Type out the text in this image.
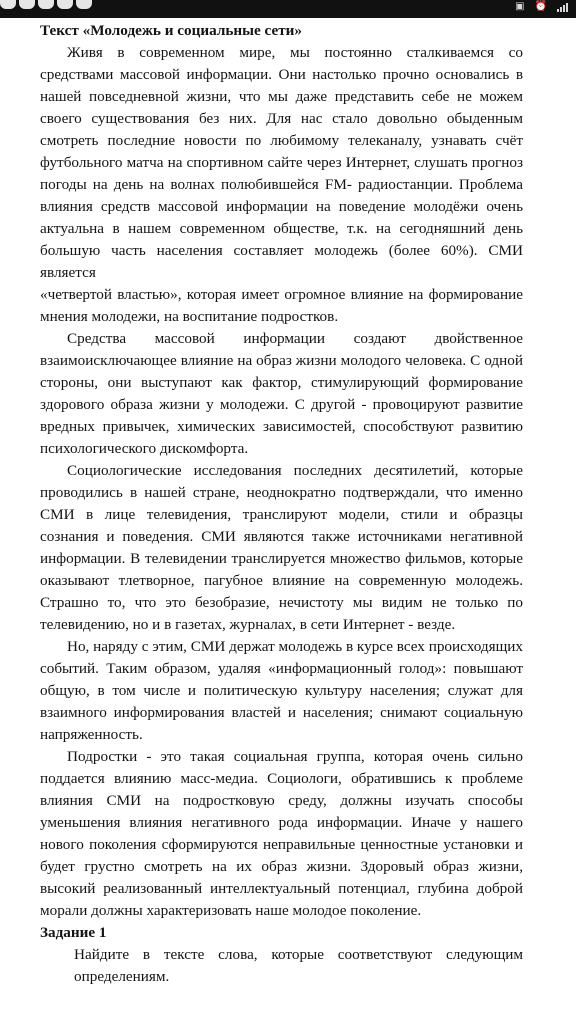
▣ ⏰

Текст «Молодежь и социальные сети»

Живя в современном мире, мы постоянно сталкиваемся со средствами массовой информации. Они настолько прочно основались в нашей повседневной жизни, что мы даже представить себе не можем своего существования без них. Для нас стало довольно обыденным смотреть последние новости по любимому телеканалу, узнавать счёт футбольного матча на спортивном сайте через Интернет, слушать прогноз погоды на день на волнах полюбившейся FM- радиостанции. Проблема влияния средств массовой информации на поведение молодёжи очень актуальна в нашем современном обществе, т.к. на сегодняшний день большую часть населения составляет молодежь (более 60%). СМИ является

«четвертой властью», которая имеет огромное влияние на формирование мнения молодежи, на воспитание подростков.

Средства массовой информации создают двойственное взаимоисключающее влияние на образ жизни молодого человека. С одной стороны, они выступают как фактор, стимулирующий формирование здорового образа жизни у молодежи. С другой - провоцируют развитие вредных привычек, химических зависимостей, способствуют развитию психологического дискомфорта.

Социологические исследования последних десятилетий, которые проводились в нашей стране, неоднократно подтверждали, что именно СМИ в лице телевидения, транслируют модели, стили и образцы сознания и поведения. СМИ являются также источниками негативной информации. В телевидении транслируется множество фильмов, которые оказывают тлетворное, пагубное влияние на современную молодежь. Страшно то, что это безобразие, нечистоту мы видим не только по телевидению, но и в газетах, журналах, в сети Интернет - везде.

Но, наряду с этим, СМИ держат молодежь в курсе всех происходящих событий. Таким образом, удаляя «информационный голод»: повышают общую, в том числе и политическую культуру населения; служат для взаимного информирования властей и населения; снимают социальную напряженность.

Подростки - это такая социальная группа, которая очень сильно поддается влиянию масс-медиа. Социологи, обратившись к проблеме влияния СМИ на подростковую среду, должны изучать способы уменьшения влияния негативного рода информации. Иначе у нашего нового поколения сформируются неправильные ценностные установки и будет грустно смотреть на их образ жизни. Здоровый образ жизни, высокий реализованный интеллектуальный потенциал, глубина доброй морали должны характеризовать наше молодое поколение.

Задание 1

Найдите в тексте слова, которые соответствуют следующим определениям.
